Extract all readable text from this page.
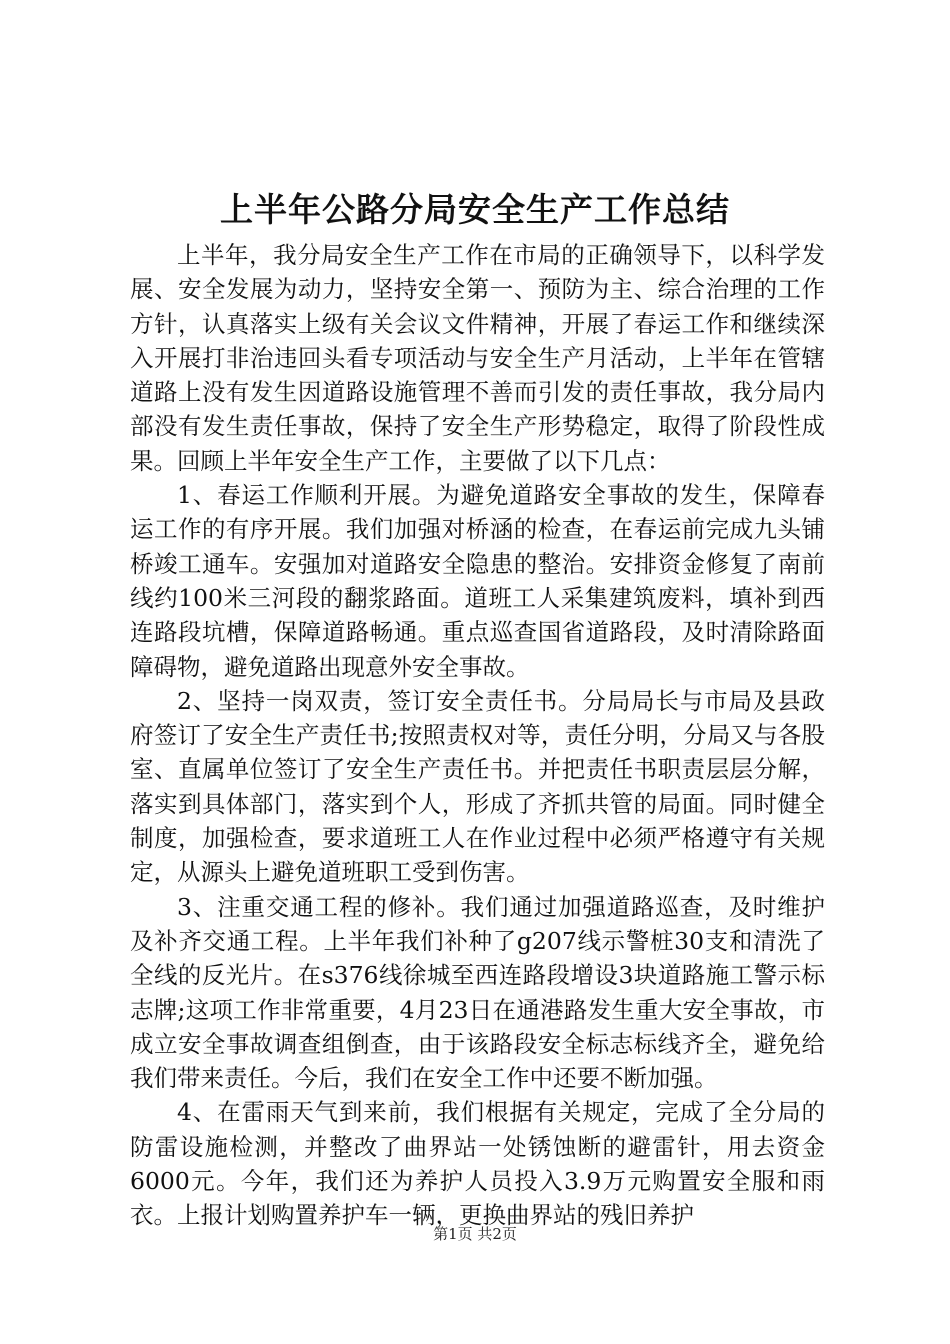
上半年公路分局安全生产工作总结

上半年，我分局安全生产工作在市局的正确领导下，以科学发展、安全发展为动力，坚持安全第一、预防为主、综合治理的工作方针，认真落实上级有关会议文件精神，开展了春运工作和继续深入开展打非治违回头看专项活动与安全生产月活动，上半年在管辖道路上没有发生因道路设施管理不善而引发的责任事故，我分局内部没有发生责任事故，保持了安全生产形势稳定，取得了阶段性成果。回顾上半年安全生产工作，主要做了以下几点：

1、春运工作顺利开展。为避免道路安全事故的发生，保障春运工作的有序开展。我们加强对桥涵的检查，在春运前完成九头铺桥竣工通车。安强加对道路安全隐患的整治。安排资金修复了南前线约100米三河段的翻浆路面。道班工人采集建筑废料，填补到西连路段坑槽，保障道路畅通。重点巡查国省道路段，及时清除路面障碍物，避免道路出现意外安全事故。

2、坚持一岗双责，签订安全责任书。分局局长与市局及县政府签订了安全生产责任书;按照责权对等，责任分明，分局又与各股室、直属单位签订了安全生产责任书。并把责任书职责层层分解，落实到具体部门，落实到个人，形成了齐抓共管的局面。同时健全制度，加强检查，要求道班工人在作业过程中必须严格遵守有关规定，从源头上避免道班职工受到伤害。

3、注重交通工程的修补。我们通过加强道路巡查，及时维护及补齐交通工程。上半年我们补种了g207线示警桩30支和清洗了全线的反光片。在s376线徐城至西连路段增设3块道路施工警示标志牌;这项工作非常重要，4月23日在通港路发生重大安全事故，市成立安全事故调查组倒查，由于该路段安全标志标线齐全，避免给我们带来责任。今后，我们在安全工作中还要不断加强。

4、在雷雨天气到来前，我们根据有关规定，完成了全分局的防雷设施检测，并整改了曲界站一处锈蚀断的避雷针，用去资金6000元。今年，我们还为养护人员投入3.9万元购置安全服和雨衣。上报计划购置养护车一辆，更换曲界站的残旧养护

第1页 共2页
